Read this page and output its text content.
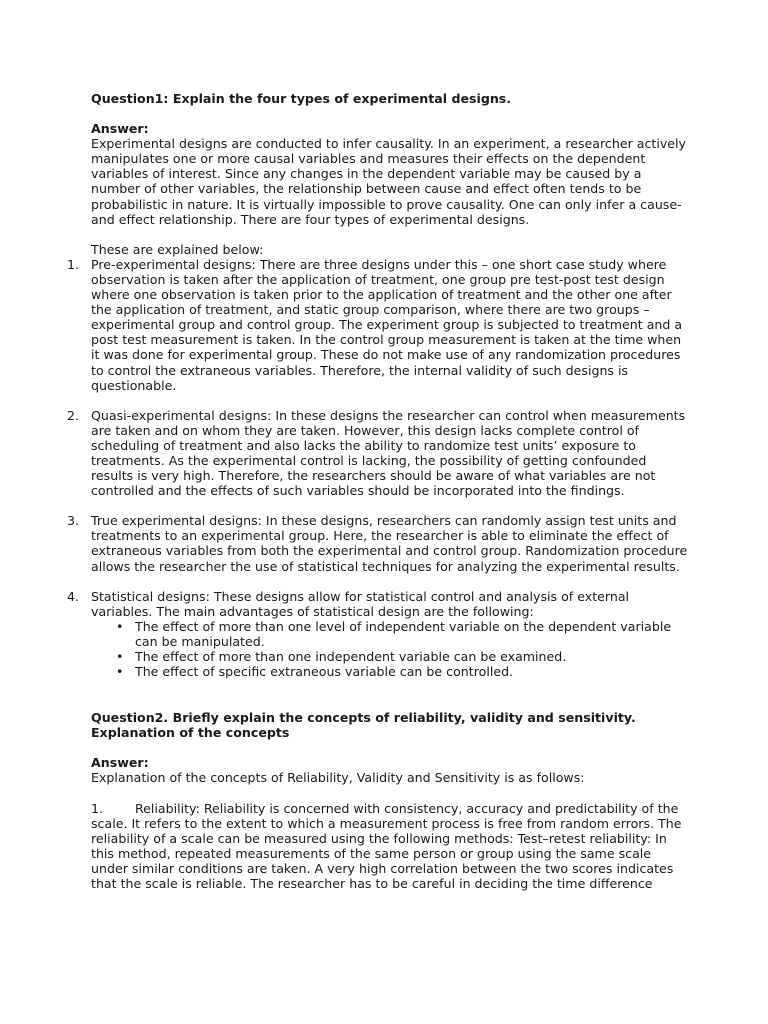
Question1: Explain the four types of experimental designs.

Answer:

Experimental designs are conducted to infer causality. In an experiment, a researcher actively manipulates one or more causal variables and measures their effects on the dependent variables of interest. Since any changes in the dependent variable may be caused by a number of other variables, the relationship between cause and effect often tends to be probabilistic in nature. It is virtually impossible to prove causality. One can only infer a cause-and effect relationship. There are four types of experimental designs.

These are explained below:

1. Pre-experimental designs: There are three designs under this – one short case study where observation is taken after the application of treatment, one group pre test-post test design where one observation is taken prior to the application of treatment and the other one after the application of treatment, and static group comparison, where there are two groups – experimental group and control group. The experiment group is subjected to treatment and a post test measurement is taken. In the control group measurement is taken at the time when it was done for experimental group. These do not make use of any randomization procedures to control the extraneous variables. Therefore, the internal validity of such designs is questionable.
2. Quasi-experimental designs: In these designs the researcher can control when measurements are taken and on whom they are taken. However, this design lacks complete control of scheduling of treatment and also lacks the ability to randomize test units’ exposure to treatments. As the experimental control is lacking, the possibility of getting confounded results is very high. Therefore, the researchers should be aware of what variables are not controlled and the effects of such variables should be incorporated into the findings.
3. True experimental designs: In these designs, researchers can randomly assign test units and treatments to an experimental group. Here, the researcher is able to eliminate the effect of extraneous variables from both the experimental and control group. Randomization procedure allows the researcher the use of statistical techniques for analyzing the experimental results.
4. Statistical designs: These designs allow for statistical control and analysis of external variables. The main advantages of statistical design are the following:
• The effect of more than one level of independent variable on the dependent variable can be manipulated.
• The effect of more than one independent variable can be examined.
• The effect of specific extraneous variable can be controlled.

Question2. Briefly explain the concepts of reliability, validity and sensitivity.
Explanation of the concepts

Answer:

Explanation of the concepts of Reliability, Validity and Sensitivity is as follows:

1.	Reliability: Reliability is concerned with consistency, accuracy and predictability of the scale. It refers to the extent to which a measurement process is free from random errors. The reliability of a scale can be measured using the following methods: Test–retest reliability: In this method, repeated measurements of the same person or group using the same scale under similar conditions are taken. A very high correlation between the two scores indicates that the scale is reliable. The researcher has to be careful in deciding the time difference
